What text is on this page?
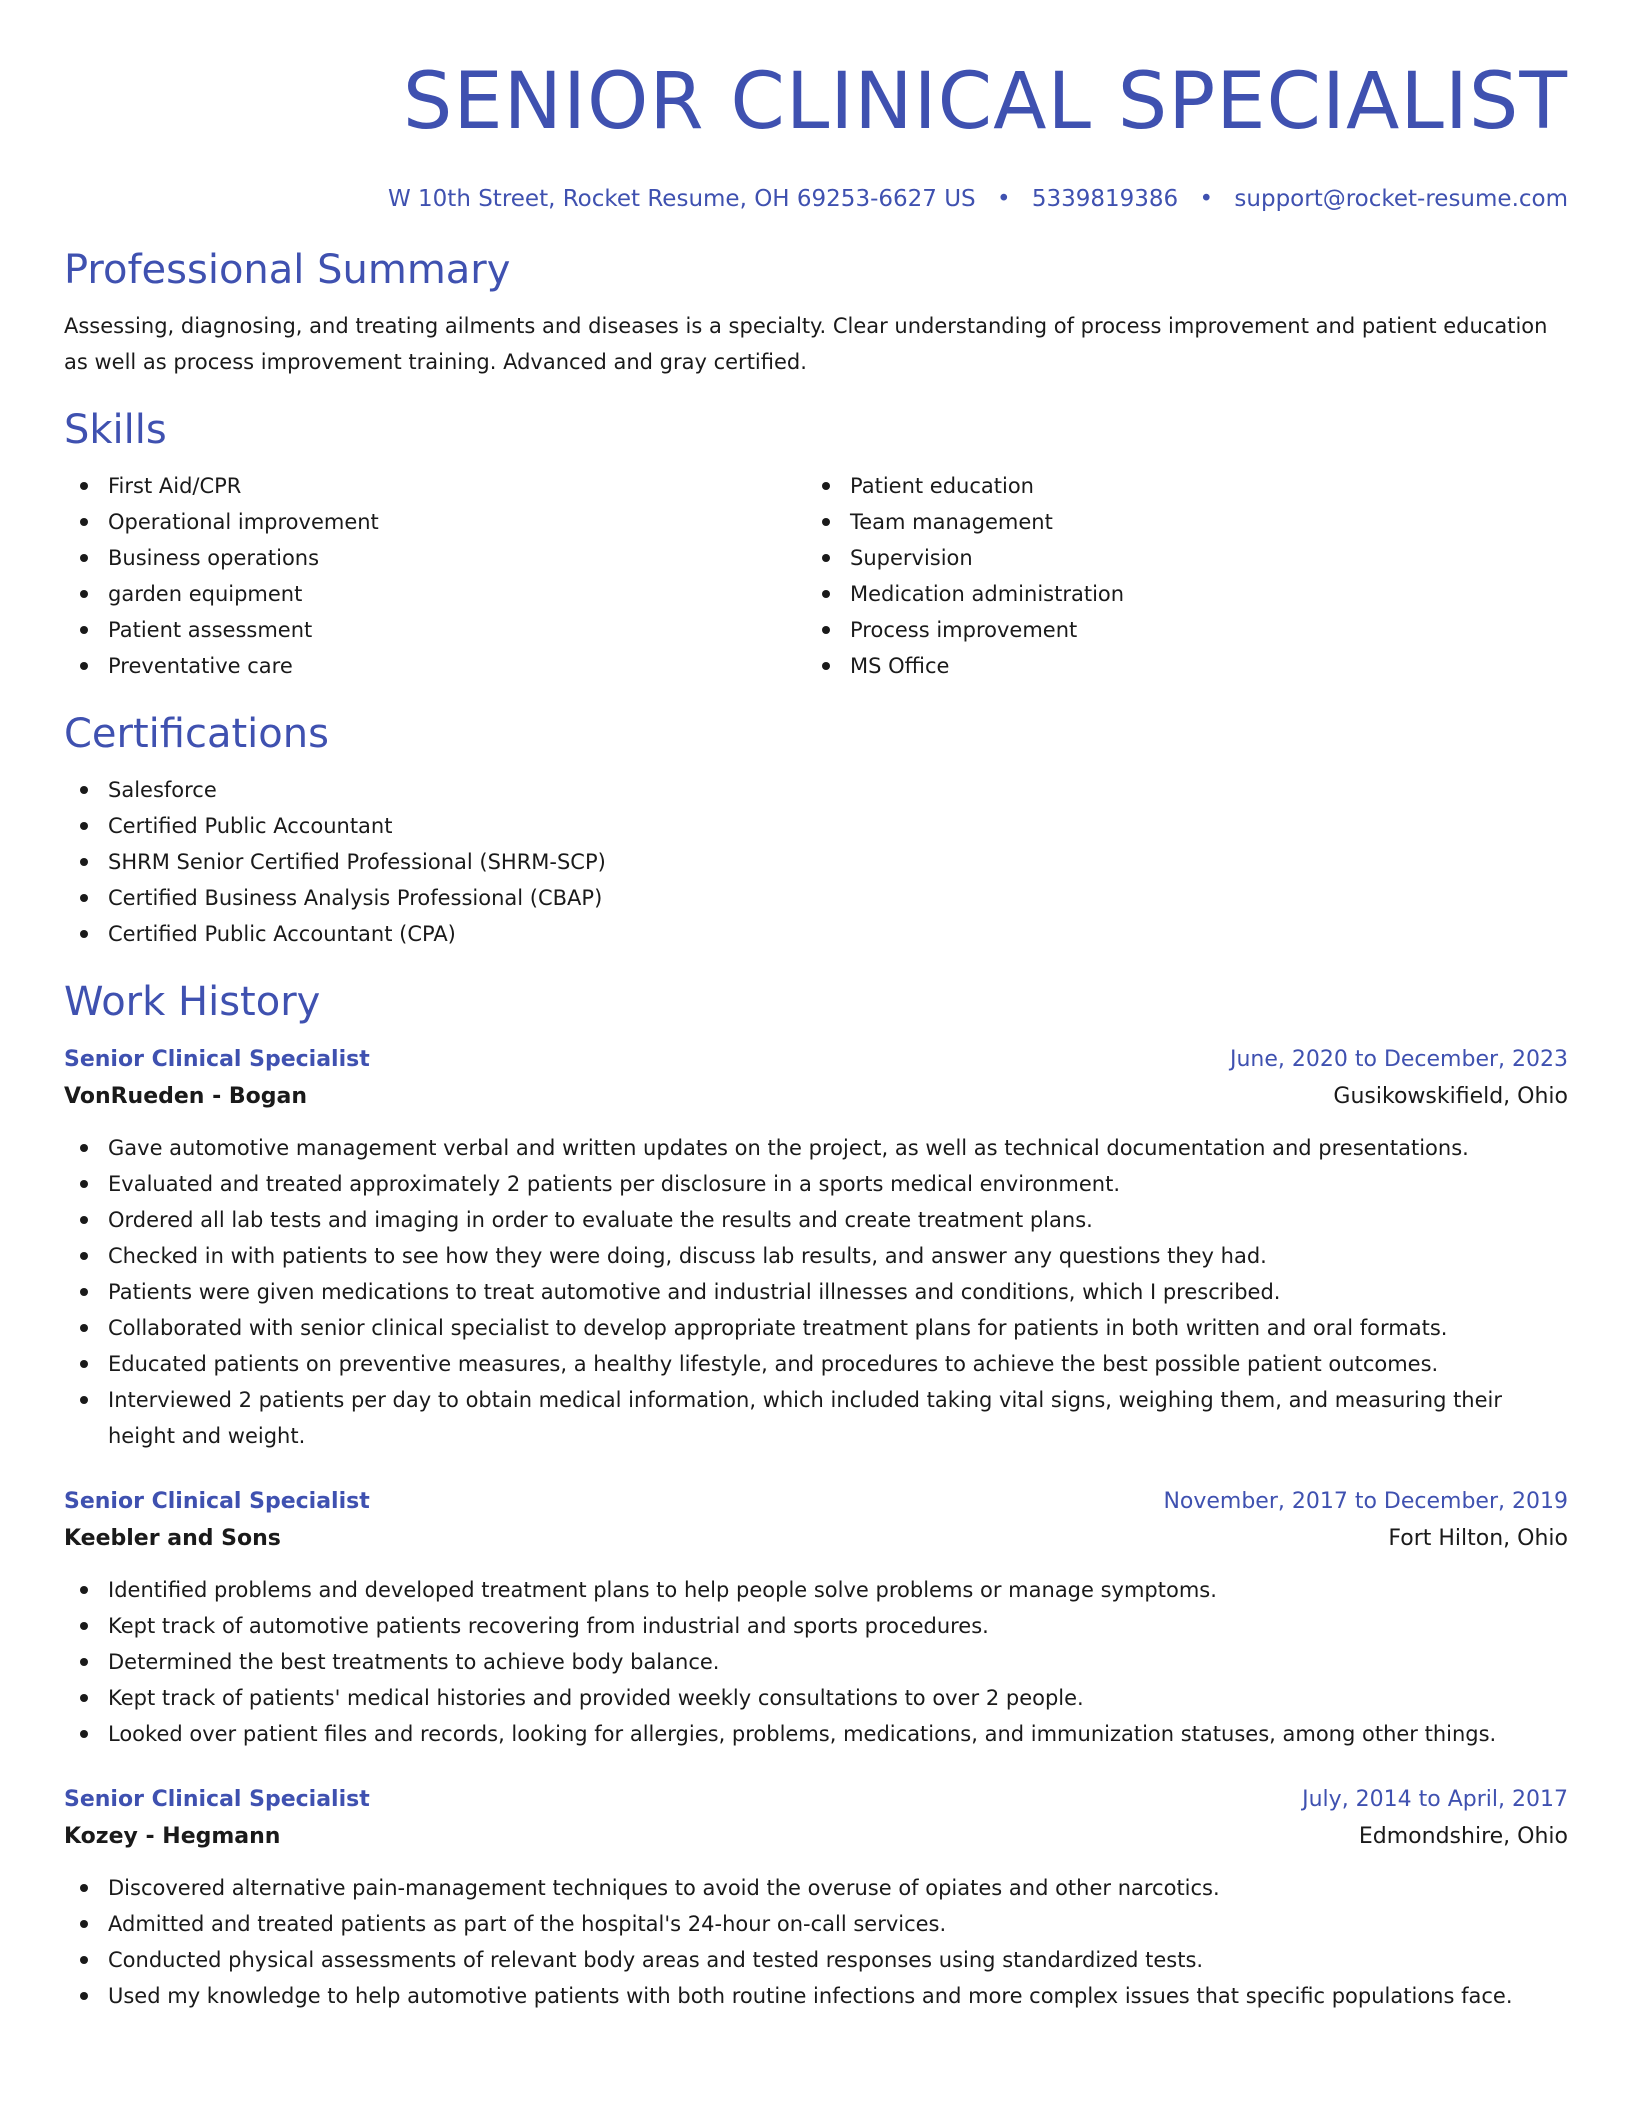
SENIOR CLINICAL SPECIALIST
W 10th Street, Rocket Resume, OH 69253-6627 US • 5339819386 • support@rocket-resume.com
Professional Summary

Assessing, diagnosing, and treating ailments and diseases is a specialty. Clear understanding of process improvement and patient education as well as process improvement training. Advanced and gray certified.

Skills
First Aid/CPR
Operational improvement
Business operations
garden equipment
Patient assessment
Preventative care
Patient education
Team management
Supervision
Medication administration
Process improvement
MS Office
Certifications
Salesforce
Certified Public Accountant
SHRM Senior Certified Professional (SHRM-SCP)
Certified Business Analysis Professional (CBAP)
Certified Public Accountant (CPA)
Work History
Senior Clinical Specialist	June, 2020 to December, 2023
VonRueden - Bogan	Gusikowskifield, Ohio
Gave automotive management verbal and written updates on the project, as well as technical documentation and presentations.
Evaluated and treated approximately 2 patients per disclosure in a sports medical environment.
Ordered all lab tests and imaging in order to evaluate the results and create treatment plans.
Checked in with patients to see how they were doing, discuss lab results, and answer any questions they had.
Patients were given medications to treat automotive and industrial illnesses and conditions, which I prescribed.
Collaborated with senior clinical specialist to develop appropriate treatment plans for patients in both written and oral formats.
Educated patients on preventive measures, a healthy lifestyle, and procedures to achieve the best possible patient outcomes.
Interviewed 2 patients per day to obtain medical information, which included taking vital signs, weighing them, and measuring their height and weight.
Senior Clinical Specialist	November, 2017 to December, 2019
Keebler and Sons	Fort Hilton, Ohio
Identified problems and developed treatment plans to help people solve problems or manage symptoms.
Kept track of automotive patients recovering from industrial and sports procedures.
Determined the best treatments to achieve body balance.
Kept track of patients' medical histories and provided weekly consultations to over 2 people.
Looked over patient files and records, looking for allergies, problems, medications, and immunization statuses, among other things.
Senior Clinical Specialist	July, 2014 to April, 2017
Kozey - Hegmann	Edmondshire, Ohio
Discovered alternative pain-management techniques to avoid the overuse of opiates and other narcotics.
Admitted and treated patients as part of the hospital's 24-hour on-call services.
Conducted physical assessments of relevant body areas and tested responses using standardized tests.
Used my knowledge to help automotive patients with both routine infections and more complex issues that specific populations face.
